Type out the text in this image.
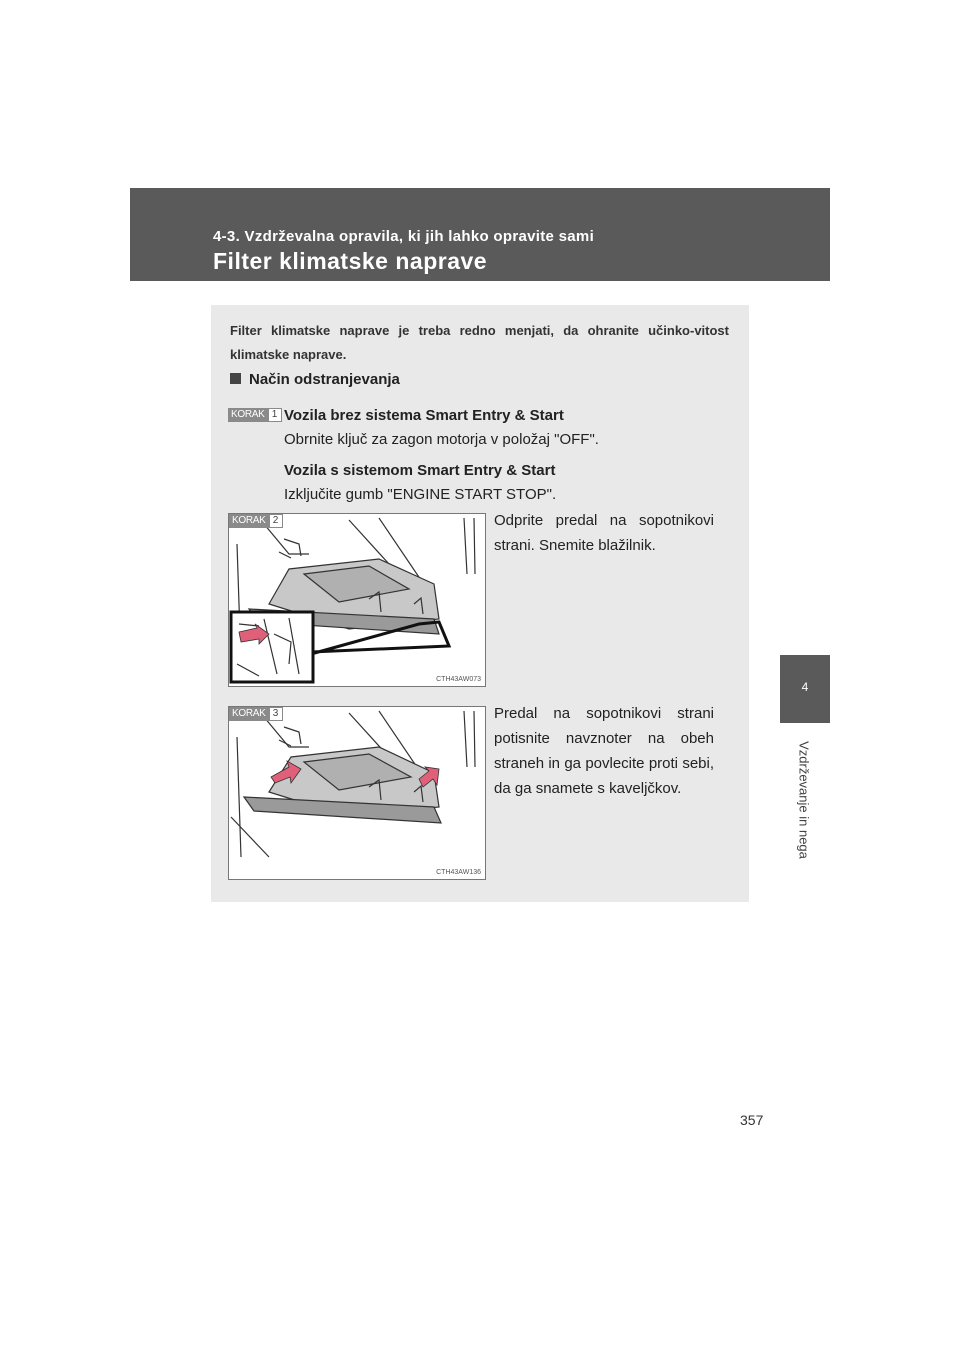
4-3. Vzdrževalna opravila, ki jih lahko opravite sami
Filter klimatske naprave
4
Vzdrževanje in nega
Filter klimatske naprave je treba redno menjati, da ohranite učinko-vitost klimatske naprave.
Način odstranjevanja
KORAK 1 Vozila brez sistema Smart Entry & Start
Obrnite ključ za zagon motorja v položaj "OFF".
Vozila s sistemom Smart Entry & Start
Izključite gumb "ENGINE START STOP".
KORAK 2
CTH43AW073
Odprite predal na sopotnikovi strani. Snemite blažilnik.
KORAK 3
CTH43AW136
Predal na sopotnikovi strani potisnite navznoter na obeh straneh in ga povlecite proti sebi, da ga snamete s kaveljčkov.
357
